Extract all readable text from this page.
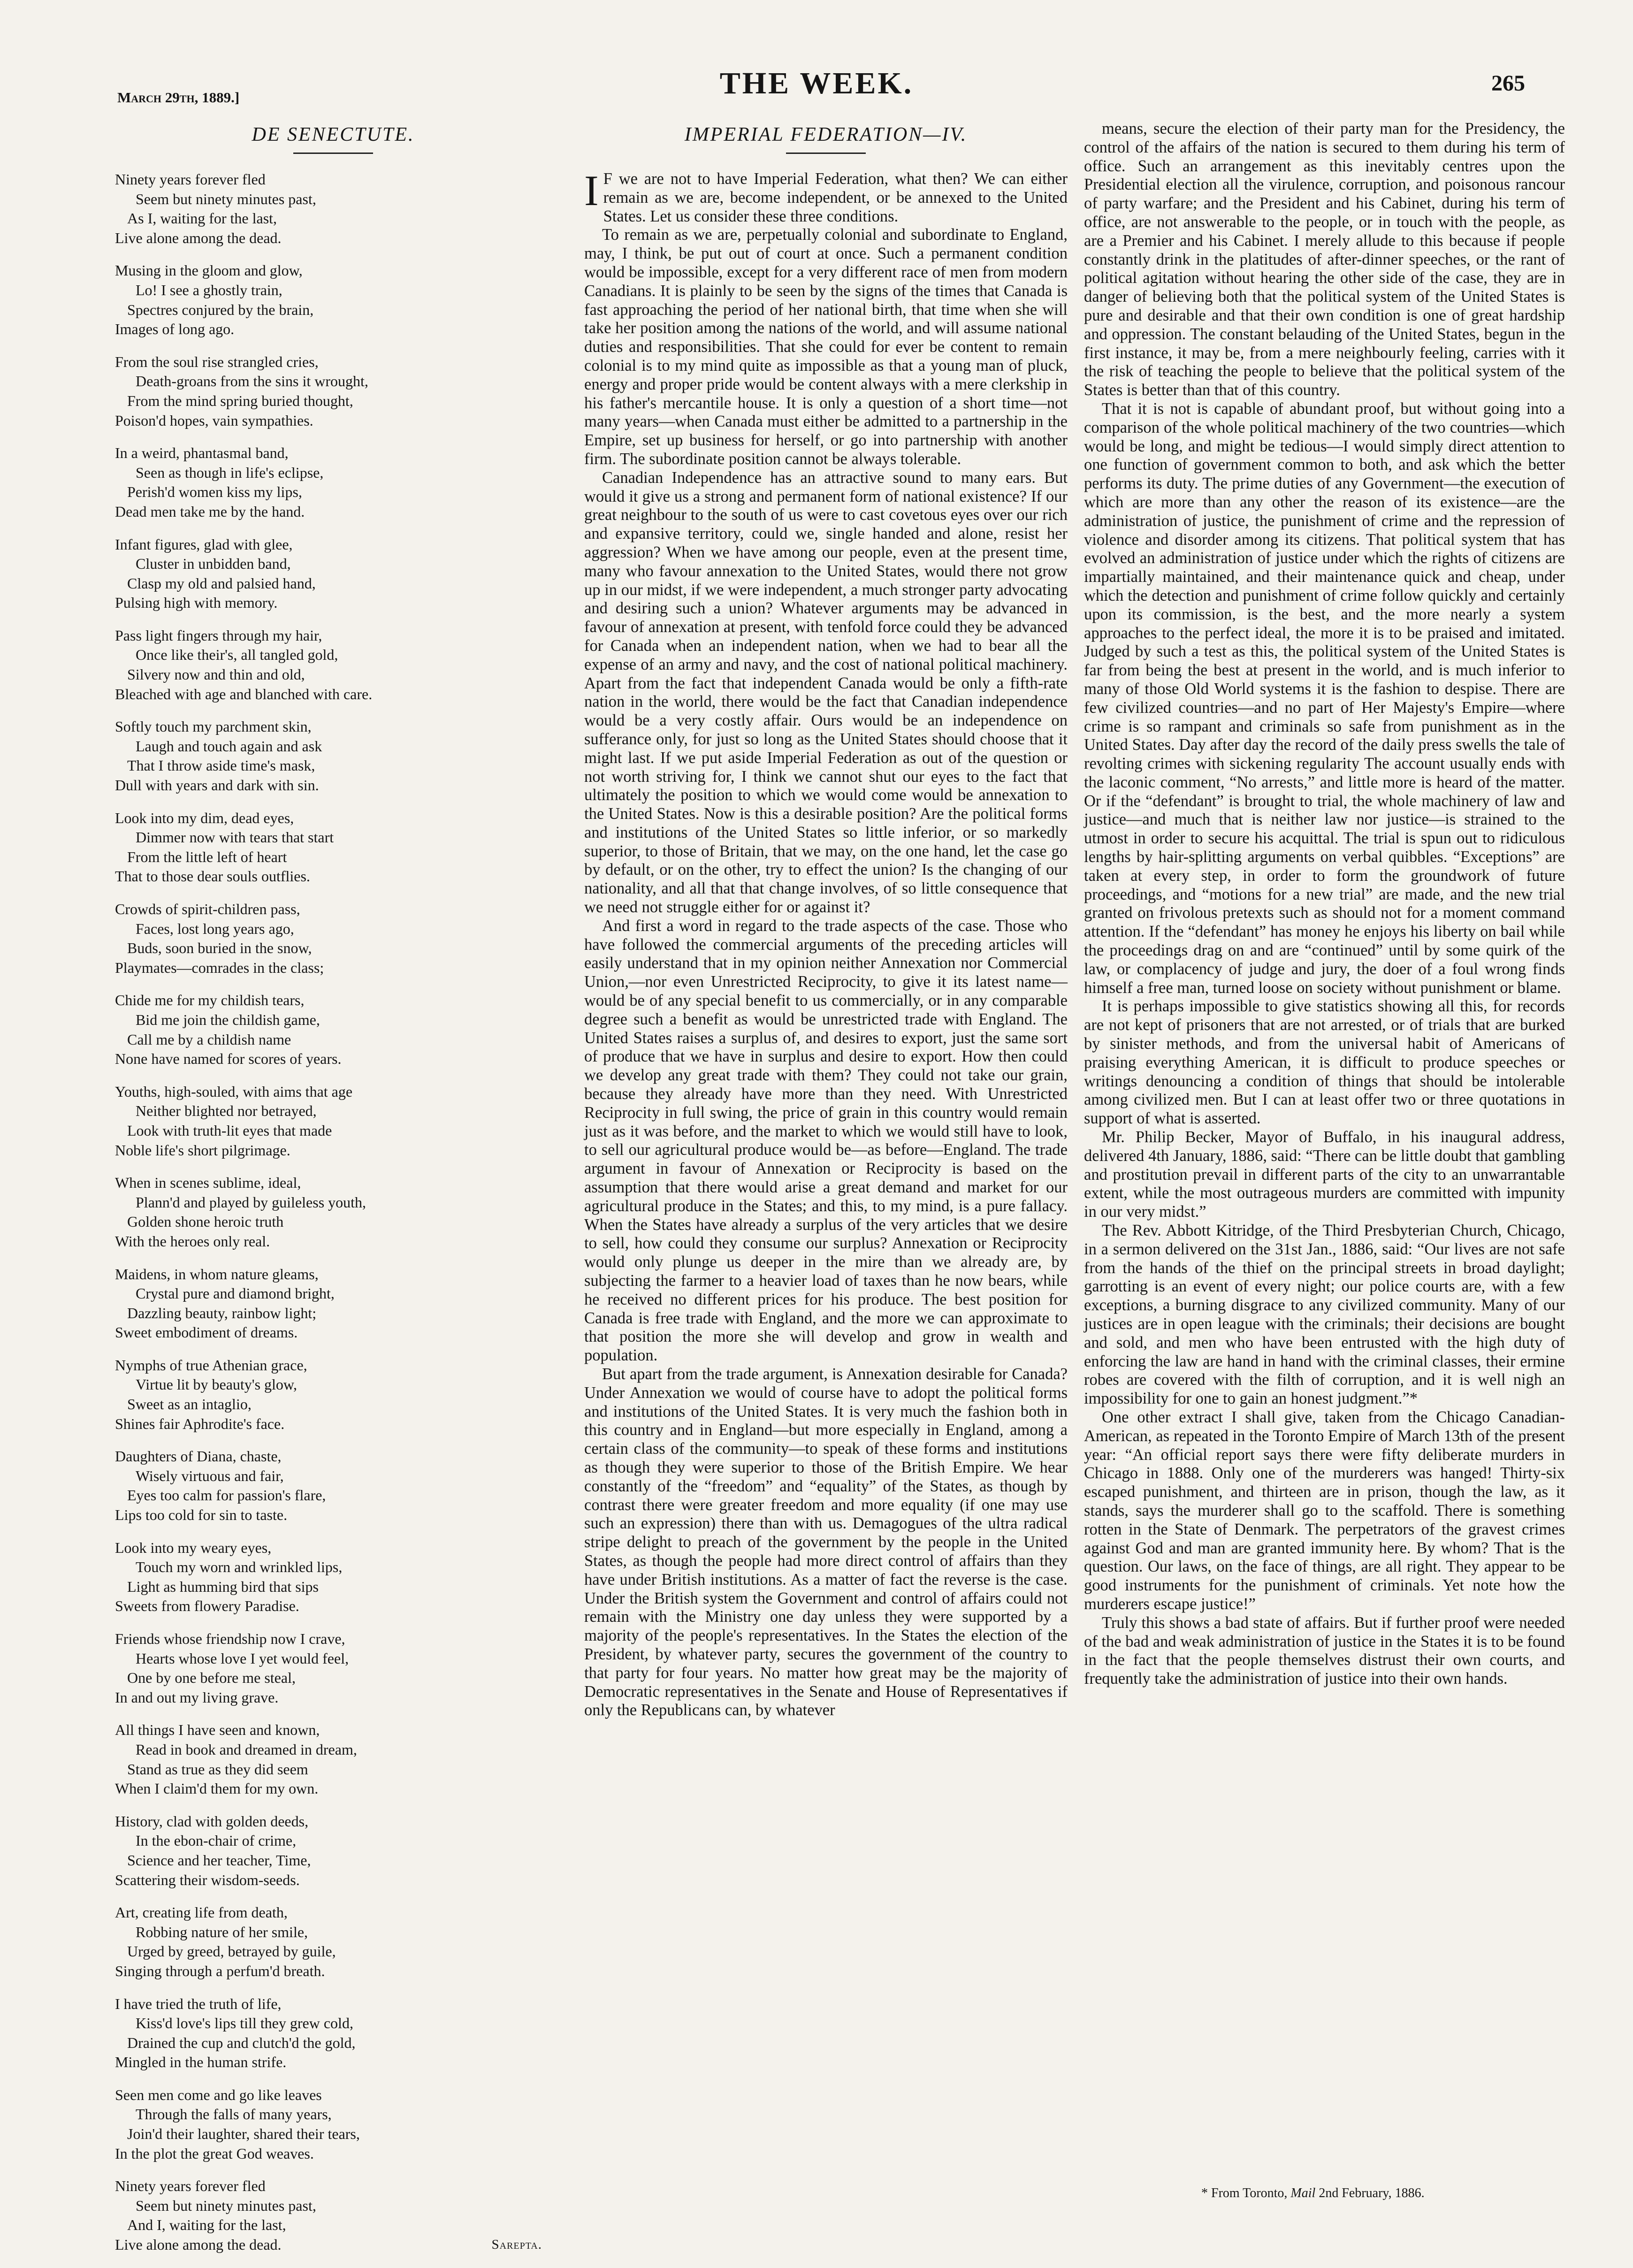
March 29th, 1889.]	THE WEEK.	265
DE SENECTUTE.
Ninety years forever fled
Seem but ninety minutes past,
As I, waiting for the last,
Live alone among the dead.
Musing in the gloom and glow,
Lo! I see a ghostly train,
Spectres conjured by the brain,
Images of long ago.
From the soul rise strangled cries,
Death-groans from the sins it wrought,
From the mind spring buried thought,
Poison'd hopes, vain sympathies.
In a weird, phantasmal band,
Seen as though in life's eclipse,
Perish'd women kiss my lips,
Dead men take me by the hand.
Infant figures, glad with glee,
Cluster in unbidden band,
Clasp my old and palsied hand,
Pulsing high with memory.
Pass light fingers through my hair,
Once like their's, all tangled gold,
Silvery now and thin and old,
Bleached with age and blanched with care.
Softly touch my parchment skin,
Laugh and touch again and ask
That I throw aside time's mask,
Dull with years and dark with sin.
Look into my dim, dead eyes,
Dimmer now with tears that start
From the little left of heart
That to those dear souls outflies.
Crowds of spirit-children pass,
Faces, lost long years ago,
Buds, soon buried in the snow,
Playmates—comrades in the class;
Chide me for my childish tears,
Bid me join the childish game,
Call me by a childish name
None have named for scores of years.
Youths, high-souled, with aims that age
Neither blighted nor betrayed,
Look with truth-lit eyes that made
Noble life's short pilgrimage.
When in scenes sublime, ideal,
Plann'd and played by guileless youth,
Golden shone heroic truth
With the heroes only real.
Maidens, in whom nature gleams,
Crystal pure and diamond bright,
Dazzling beauty, rainbow light;
Sweet embodiment of dreams.
Nymphs of true Athenian grace,
Virtue lit by beauty's glow,
Sweet as an intaglio,
Shines fair Aphrodite's face.
Daughters of Diana, chaste,
Wisely virtuous and fair,
Eyes too calm for passion's flare,
Lips too cold for sin to taste.
Look into my weary eyes,
Touch my worn and wrinkled lips,
Light as humming bird that sips
Sweets from flowery Paradise.
Friends whose friendship now I crave,
Hearts whose love I yet would feel,
One by one before me steal,
In and out my living grave.
All things I have seen and known,
Read in book and dreamed in dream,
Stand as true as they did seem
When I claim'd them for my own.
History, clad with golden deeds,
In the ebon-chair of crime,
Science and her teacher, Time,
Scattering their wisdom-seeds.
Art, creating life from death,
Robbing nature of her smile,
Urged by greed, betrayed by guile,
Singing through a perfum'd breath.
I have tried the truth of life,
Kiss'd love's lips till they grew cold,
Drained the cup and clutch'd the gold,
Mingled in the human strife.
Seen men come and go like leaves
Through the falls of many years,
Join'd their laughter, shared their tears,
In the plot the great God weaves.
Ninety years forever fled
Seem but ninety minutes past,
And I, waiting for the last,
Live alone among the dead.	Sarepta.
IMPERIAL FEDERATION—IV.

I F we are not to have Imperial Federation, what then? We can either remain as we are, become independent, or be annexed to the United States. Let us consider these three conditions.

To remain as we are, perpetually colonial and subordinate to England, may, I think, be put out of court at once. Such a permanent condition would be impossible, except for a very different race of men from modern Canadians. It is plainly to be seen by the signs of the times that Canada is fast approaching the period of her national birth, that time when she will take her position among the nations of the world, and will assume national duties and responsibilities. That she could for ever be content to remain colonial is to my mind quite as impossible as that a young man of pluck, energy and proper pride would be content always with a mere clerkship in his father's mercantile house. It is only a question of a short time—not many years—when Canada must either be admitted to a partnership in the Empire, set up business for herself, or go into partnership with another firm. The subordinate position cannot be always tolerable.

Canadian Independence has an attractive sound to many ears. But would it give us a strong and permanent form of national existence? If our great neighbour to the south of us were to cast covetous eyes over our rich and expansive territory, could we, single handed and alone, resist her aggression? When we have among our people, even at the present time, many who favour annexation to the United States, would there not grow up in our midst, if we were independent, a much stronger party advocating and desiring such a union? Whatever arguments may be advanced in favour of annexation at present, with tenfold force could they be advanced for Canada when an independent nation, when we had to bear all the expense of an army and navy, and the cost of national political machinery. Apart from the fact that independent Canada would be only a fifth-rate nation in the world, there would be the fact that Canadian independence would be a very costly affair. Ours would be an independence on sufferance only, for just so long as the United States should choose that it might last. If we put aside Imperial Federation as out of the question or not worth striving for, I think we cannot shut our eyes to the fact that ultimately the position to which we would come would be annexation to the United States. Now is this a desirable position? Are the political forms and institutions of the United States so little inferior, or so markedly superior, to those of Britain, that we may, on the one hand, let the case go by default, or on the other, try to effect the union? Is the changing of our nationality, and all that that change involves, of so little consequence that we need not struggle either for or against it?

And first a word in regard to the trade aspects of the case. Those who have followed the commercial arguments of the preceding articles will easily understand that in my opinion neither Annexation nor Commercial Union,—nor even Unrestricted Reciprocity, to give it its latest name—would be of any special benefit to us commercially, or in any comparable degree such a benefit as would be unrestricted trade with England. The United States raises a surplus of, and desires to export, just the same sort of produce that we have in surplus and desire to export. How then could we develop any great trade with them? They could not take our grain, because they already have more than they need. With Unrestricted Reciprocity in full swing, the price of grain in this country would remain just as it was before, and the market to which we would still have to look, to sell our agricultural produce would be—as before—England. The trade argument in favour of Annexation or Reciprocity is based on the assumption that there would arise a great demand and market for our agricultural produce in the States; and this, to my mind, is a pure fallacy. When the States have already a surplus of the very articles that we desire to sell, how could they consume our surplus? Annexation or Reciprocity would only plunge us deeper in the mire than we already are, by subjecting the farmer to a heavier load of taxes than he now bears, while he received no different prices for his produce. The best position for Canada is free trade with England, and the more we can approximate to that position the more she will develop and grow in wealth and population.

But apart from the trade argument, is Annexation desirable for Canada? Under Annexation we would of course have to adopt the political forms and institutions of the United States. It is very much the fashion both in this country and in England—but more especially in England, among a certain class of the community—to speak of these forms and institutions as though they were superior to those of the British Empire. We hear constantly of the “freedom” and “equality” of the States, as though by contrast there were greater freedom and more equality (if one may use such an expression) there than with us. Demagogues of the ultra radical stripe delight to preach of the government by the people in the United States, as though the people had more direct control of affairs than they have under British institutions. As a matter of fact the reverse is the case. Under the British system the Government and control of affairs could not remain with the Ministry one day unless they were supported by a majority of the people's representatives. In the States the election of the President, by whatever party, secures the government of the country to that party for four years. No matter how great may be the majority of Democratic representatives in the Senate and House of Representatives if only the Republicans can, by whatever

means, secure the election of their party man for the Presidency, the control of the affairs of the nation is secured to them during his term of office. Such an arrangement as this inevitably centres upon the Presidential election all the virulence, corruption, and poisonous rancour of party warfare; and the President and his Cabinet, during his term of office, are not answerable to the people, or in touch with the people, as are a Premier and his Cabinet. I merely allude to this because if people constantly drink in the platitudes of after-dinner speeches, or the rant of political agitation without hearing the other side of the case, they are in danger of believing both that the political system of the United States is pure and desirable and that their own condition is one of great hardship and oppression. The constant belauding of the United States, begun in the first instance, it may be, from a mere neighbourly feeling, carries with it the risk of teaching the people to believe that the political system of the States is better than that of this country.

That it is not is capable of abundant proof, but without going into a comparison of the whole political machinery of the two countries—which would be long, and might be tedious—I would simply direct attention to one function of government common to both, and ask which the better performs its duty. The prime duties of any Government—the execution of which are more than any other the reason of its existence—are the administration of justice, the punishment of crime and the repression of violence and disorder among its citizens. That political system that has evolved an administration of justice under which the rights of citizens are impartially maintained, and their maintenance quick and cheap, under which the detection and punishment of crime follow quickly and certainly upon its commission, is the best, and the more nearly a system approaches to the perfect ideal, the more it is to be praised and imitated. Judged by such a test as this, the political system of the United States is far from being the best at present in the world, and is much inferior to many of those Old World systems it is the fashion to despise. There are few civilized countries—and no part of Her Majesty's Empire—where crime is so rampant and criminals so safe from punishment as in the United States. Day after day the record of the daily press swells the tale of revolting crimes with sickening regularity The account usually ends with the laconic comment, “No arrests,” and little more is heard of the matter. Or if the “defendant” is brought to trial, the whole machinery of law and justice—and much that is neither law nor justice—is strained to the utmost in order to secure his acquittal. The trial is spun out to ridiculous lengths by hair-splitting arguments on verbal quibbles. “Exceptions” are taken at every step, in order to form the groundwork of future proceedings, and “motions for a new trial” are made, and the new trial granted on frivolous pretexts such as should not for a moment command attention. If the “defendant” has money he enjoys his liberty on bail while the proceedings drag on and are “continued” until by some quirk of the law, or complacency of judge and jury, the doer of a foul wrong finds himself a free man, turned loose on society without punishment or blame.

It is perhaps impossible to give statistics showing all this, for records are not kept of prisoners that are not arrested, or of trials that are burked by sinister methods, and from the universal habit of Americans of praising everything American, it is difficult to produce speeches or writings denouncing a condition of things that should be intolerable among civilized men. But I can at least offer two or three quotations in support of what is asserted.

Mr. Philip Becker, Mayor of Buffalo, in his inaugural address, delivered 4th January, 1886, said: “There can be little doubt that gambling and prostitution prevail in different parts of the city to an unwarrantable extent, while the most outrageous murders are committed with impunity in our very midst.”

The Rev. Abbott Kitridge, of the Third Presbyterian Church, Chicago, in a sermon delivered on the 31st Jan., 1886, said: “Our lives are not safe from the hands of the thief on the principal streets in broad daylight; garrotting is an event of every night; our police courts are, with a few exceptions, a burning disgrace to any civilized community. Many of our justices are in open league with the criminals; their decisions are bought and sold, and men who have been entrusted with the high duty of enforcing the law are hand in hand with the criminal classes, their ermine robes are covered with the filth of corruption, and it is well nigh an impossibility for one to gain an honest judgment.”*

One other extract I shall give, taken from the Chicago Canadian-American, as repeated in the Toronto Empire of March 13th of the present year: “An official report says there were fifty deliberate murders in Chicago in 1888. Only one of the murderers was hanged! Thirty-six escaped punishment, and thirteen are in prison, though the law, as it stands, says the murderer shall go to the scaffold. There is something rotten in the State of Denmark. The perpetrators of the gravest crimes against God and man are granted immunity here. By whom? That is the question. Our laws, on the face of things, are all right. They appear to be good instruments for the punishment of criminals. Yet note how the murderers escape justice!”

Truly this shows a bad state of affairs. But if further proof were needed of the bad and weak administration of justice in the States it is to be found in the fact that the people themselves distrust their own courts, and frequently take the administration of justice into their own hands.

* From Toronto, Mail 2nd February, 1886.
